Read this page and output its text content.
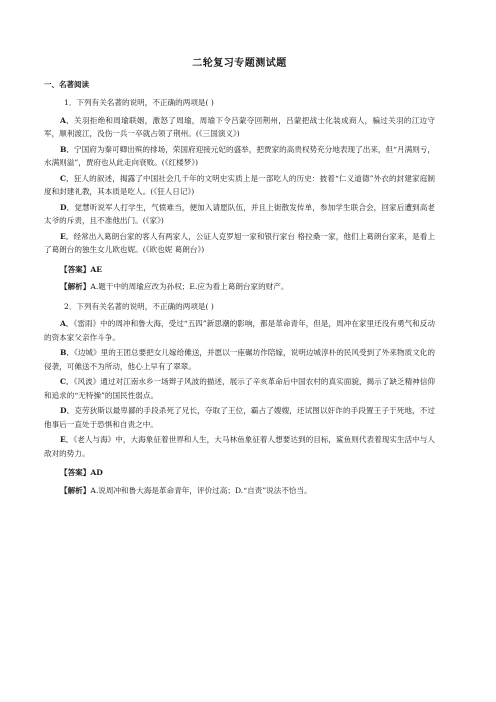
二轮复习专题测试题
一、名著阅读
1．下列有关名著的说明，不正确的两项是( )
A．关羽拒绝和周瑜联姻，激怒了周瑜，周瑜下令吕蒙夺回荆州，吕蒙把战士化装成商人，骗过关羽的江边守军，顺利渡江，没伤一兵一卒就占领了荆州。(《三国演义》)
B．宁国府为秦可卿出殡的排场，荣国府迎接元妃的盛举，把贾家的高贵权势充分地表现了出来，但“月满则亏，水满则溢”，贾府也从此走向衰败。(《红楼梦》)
C．狂人的叙述，揭露了中国社会几千年的文明史实质上是一部吃人的历史：披着“仁义道德”外衣的封建家庭制度和封建礼教，其本质是吃人。(《狂人日记》)
D．觉慧听说军人打学生，气愤难当，便加入请愿队伍，并且上街散发传单，参加学生联合会，回家后遭到高老太爷的斥责，且不准他出门。(《家》)
E．经常出入葛朗台家的客人有两家人，公证人克罗旭一家和银行家台 格拉桑一家，他们上葛朗台家来，是看上了葛朗台的独生女儿欧也妮。(《欧也妮 葛朗台》)
【答案】AE
【解析】A.题干中的周瑜应改为孙权；E.应为看上葛朗台家的财产。
2．下列有关名著的说明，不正确的两项是( )
A．《雷雨》中的周冲和鲁大海，受过“五四”新思潮的影响，都是革命青年，但是，周冲在家里还没有勇气和反动的资本家父亲作斗争。
B．《边城》里的王团总要把女儿嫁给傩送，并愿以一座碾坊作陪嫁，说明边城淳朴的民风受到了外来物质文化的侵袭，可傩送不为所动，他心上早有了翠翠。
C．《风波》通过对江南水乡一场辫子风波的描述，展示了辛亥革命后中国农村的真实面貌，揭示了缺乏精神信仰和追求的“无特操”的国民性弱点。
D．克劳狄斯以最卑鄙的手段杀死了兄长，夺取了王位，霸占了嫂嫂，还试图以奸诈的手段置王子于死地，不过他事后一直处于恐惧和自责之中。
E．《老人与海》中，大海象征着世界和人生，大马林鱼象征着人想要达到的目标，鲨鱼则代表着现实生活中与人敌对的势力。
【答案】AD
【解析】A.说周冲和鲁大海是革命青年，评价过高；D.“自责”说法不恰当。
